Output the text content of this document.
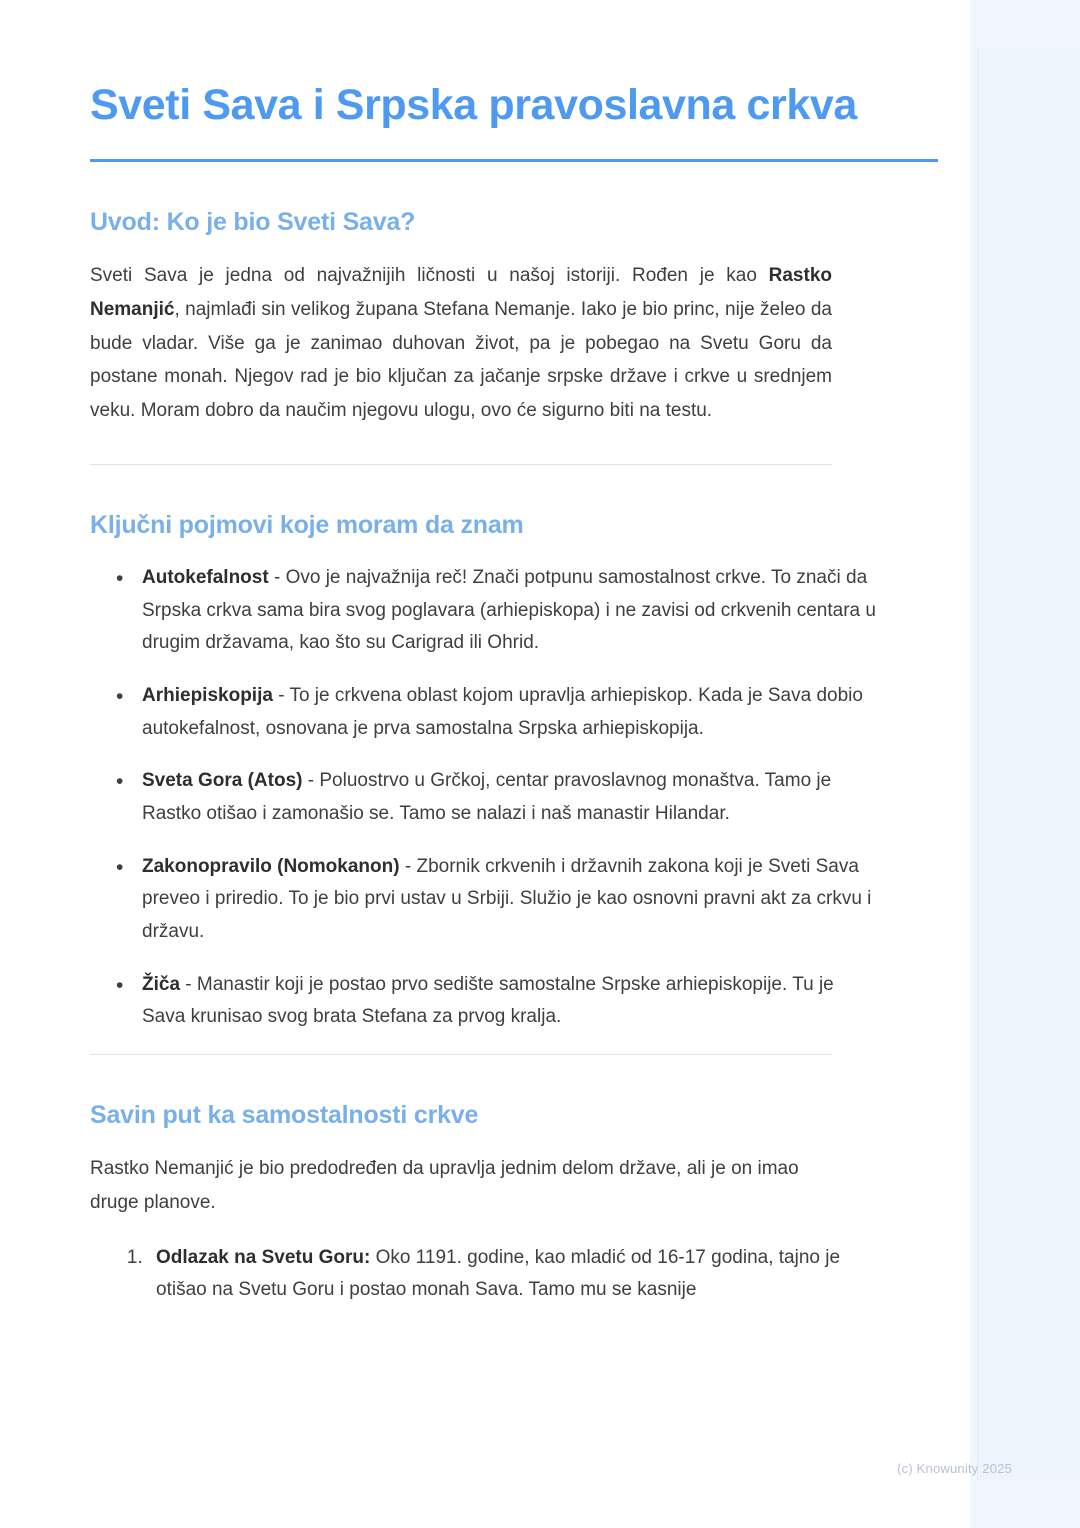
Sveti Sava i Srpska pravoslavna crkva
Uvod: Ko je bio Sveti Sava?

Sveti Sava je jedna od najvažnijih ličnosti u našoj istoriji. Rođen je kao Rastko Nemanjić, najmlađi sin velikog župana Stefana Nemanje. Iako je bio princ, nije želeo da bude vladar. Više ga je zanimao duhovan život, pa je pobegao na Svetu Goru da postane monah. Njegov rad je bio ključan za jačanje srpske države i crkve u srednjem veku. Moram dobro da naučim njegovu ulogu, ovo će sigurno biti na testu.

Ključni pojmovi koje moram da znam
• Autokefalnost - Ovo je najvažnija reč! Znači potpunu samostalnost crkve. To znači da Srpska crkva sama bira svog poglavara (arhiepiskopa) i ne zavisi od crkvenih centara u drugim državama, kao što su Carigrad ili Ohrid.
• Arhiepiskopija - To je crkvena oblast kojom upravlja arhiepiskop. Kada je Sava dobio autokefalnost, osnovana je prva samostalna Srpska arhiepiskopija.
• Sveta Gora (Atos) - Poluostrvo u Grčkoj, centar pravoslavnog monaštva. Tamo je Rastko otišao i zamonašio se. Tamo se nalazi i naš manastir Hilandar.
• Zakonopravilo (Nomokanon) - Zbornik crkvenih i državnih zakona koji je Sveti Sava preveo i priredio. To je bio prvi ustav u Srbiji. Služio je kao osnovni pravni akt za crkvu i državu.
• Žiča - Manastir koji je postao prvo sedište samostalne Srpske arhiepiskopije. Tu je Sava krunisao svog brata Stefana za prvog kralja.
Savin put ka samostalnosti crkve

Rastko Nemanjić je bio predodređen da upravlja jednim delom države, ali je on imao druge planove.

1. Odlazak na Svetu Goru: Oko 1191. godine, kao mladić od 16-17 godina, tajno je otišao na Svetu Goru i postao monah Sava. Tamo mu se kasnije
(c) Knowunity 2025
